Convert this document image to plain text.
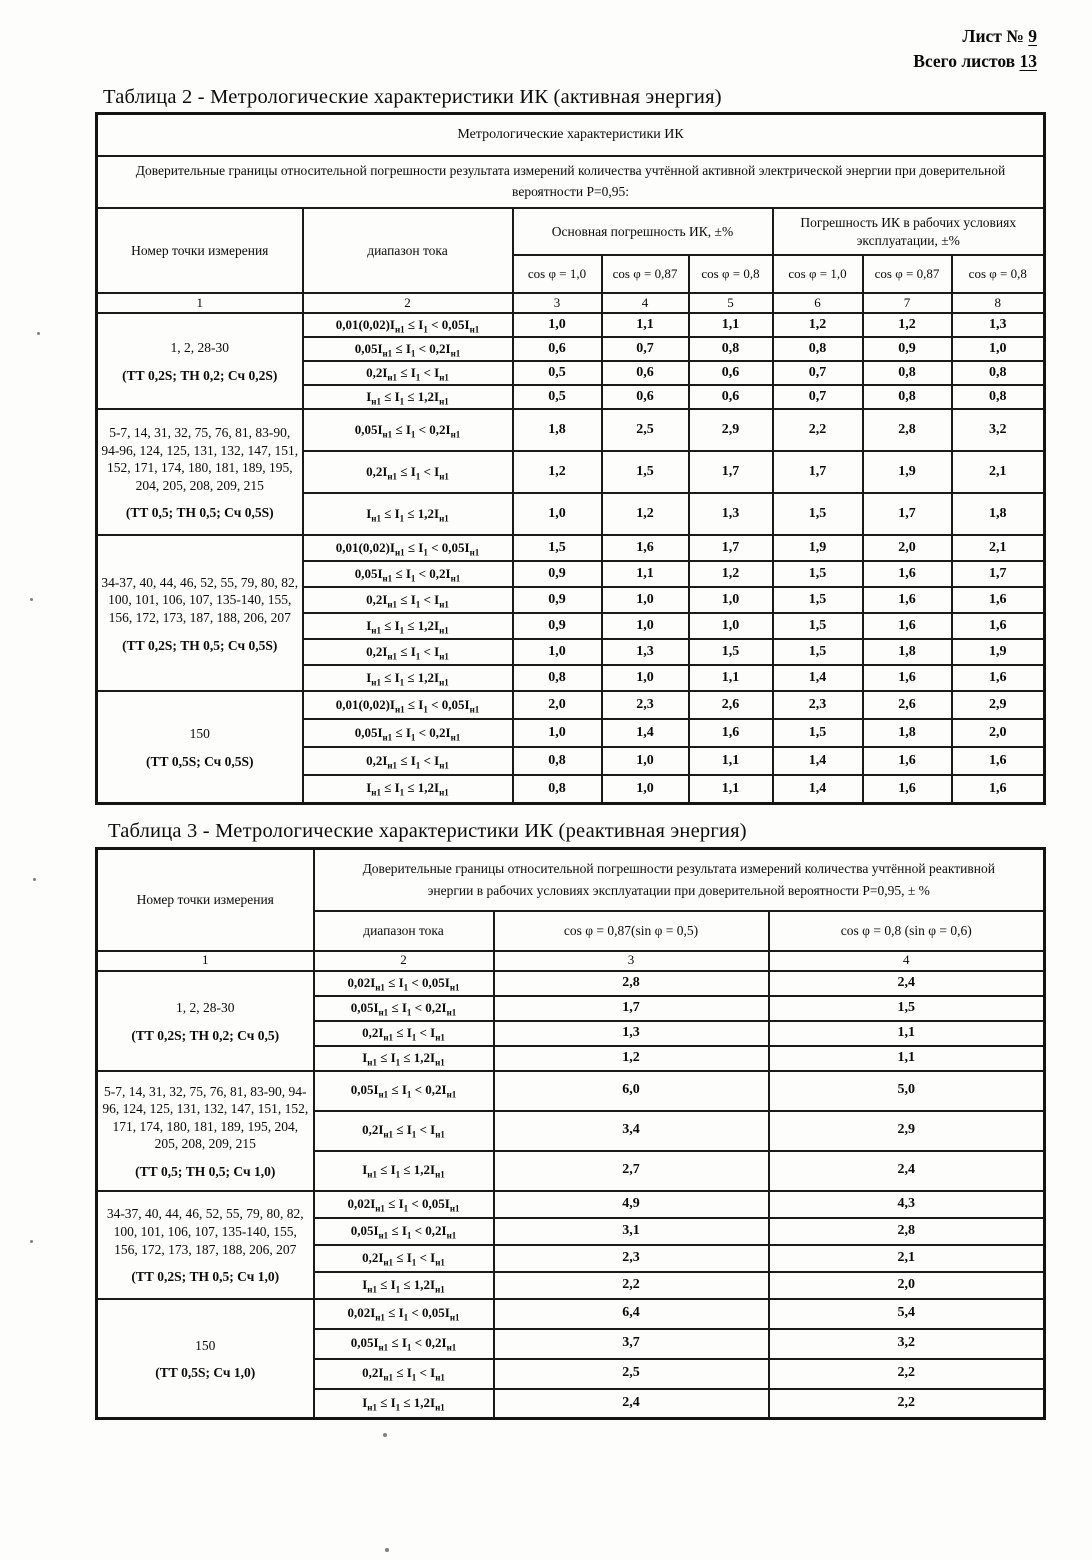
Лист № 9
Всего листов 13
Таблица 2 - Метрологические характеристики ИК (активная энергия)
Метрологические характеристики ИК							
Доверительные границы относительной погрешности результата измерений количества учтённой активной электрической энергии при доверительной вероятности Р=0,95:							
Номер точки измерения	диапазон тока	Основная погрешность ИК, ±%			Погрешность ИК в рабочих условиях эксплуатации, ±%		
		cos φ = 1,0	cos φ = 0,87	cos φ = 0,8	cos φ = 1,0	cos φ = 0,87	cos φ = 0,8
1	2	3	4	5	6	7	8

1, 2, 28-30
(ТТ 0,2S; ТН 0,2; Сч 0,2S)	$0,01(0,02)I_{н1} \le I_1 < 0,05I_{н1}$	1,0	1,1	1,1	1,2	1,2	1,3
	$0,05I_{н1} \le I_1 < 0,2I_{н1}$	0,6	0,7	0,8	0,8	0,9	1,0
	$0,2I_{н1} \le I_1 < I_{н1}$	0,5	0,6	0,6	0,7	0,8	0,8
	$I_{н1} \le I_1 \le 1,2I_{н1}$	0,5	0,6	0,6	0,7	0,8	0,8

5-7, 14, 31, 32, 75, 76, 81, 83-90, 94-96, 124, 125, 131, 132, 147, 151, 152, 171, 174, 180, 181, 189, 195, 204, 205, 208, 209, 215
(ТТ 0,5; ТН 0,5; Сч 0,5S)	$0,05I_{н1} \le I_1 < 0,2I_{н1}$	1,8	2,5	2,9	2,2	2,8	3,2
	$0,2I_{н1} \le I_1 < I_{н1}$	1,2	1,5	1,7	1,7	1,9	2,1
	$I_{н1} \le I_1 \le 1,2I_{н1}$	1,0	1,2	1,3	1,5	1,7	1,8

34-37, 40, 44, 46, 52, 55, 79, 80, 82, 100, 101, 106, 107, 135-140, 155, 156, 172, 173, 187, 188, 206, 207
(ТТ 0,2S; ТН 0,5; Сч 0,5S)	$0,01(0,02)I_{н1} \le I_1 < 0,05I_{н1}$	1,5	1,6	1,7	1,9	2,0	2,1
	$0,05I_{н1} \le I_1 < 0,2I_{н1}$	0,9	1,1	1,2	1,5	1,6	1,7
	$0,2I_{н1} \le I_1 < I_{н1}$	0,9	1,0	1,0	1,5	1,6	1,6
	$I_{н1} \le I_1 \le 1,2I_{н1}$	0,9	1,0	1,0	1,5	1,6	1,6
	$0,2I_{н1} \le I_1 < I_{н1}$	1,0	1,3	1,5	1,5	1,8	1,9
	$I_{н1} \le I_1 \le 1,2I_{н1}$	0,8	1,0	1,1	1,4	1,6	1,6

150
(ТТ 0,5S; Сч 0,5S)	$0,01(0,02)I_{н1} \le I_1 < 0,05I_{н1}$	2,0	2,3	2,6	2,3	2,6	2,9
	$0,05I_{н1} \le I_1 < 0,2I_{н1}$	1,0	1,4	1,6	1,5	1,8	2,0
	$0,2I_{н1} \le I_1 < I_{н1}$	0,8	1,0	1,1	1,4	1,6	1,6
	$I_{н1} \le I_1 \le 1,2I_{н1}$	0,8	1,0	1,1	1,4	1,6	1,6
Таблица 3 - Метрологические характеристики ИК (реактивная энергия)
Номер точки измерения	Доверительные границы относительной погрешности результата измерений количества учтённой реактивной энергии в рабочих условиях эксплуатации при доверительной вероятности Р=0,95, ± %		
	диапазон тока	cos φ = 0,87(sin φ = 0,5)	cos φ = 0,8 (sin φ = 0,6)
1	2	3	4

1, 2, 28-30
(ТТ 0,2S; ТН 0,2; Сч 0,5)	$0,02I_{н1} \le I_1 < 0,05I_{н1}$	2,8	2,4
	$0,05I_{н1} \le I_1 < 0,2I_{н1}$	1,7	1,5
	$0,2I_{н1} \le I_1 < I_{н1}$	1,3	1,1
	$I_{н1} \le I_1 \le 1,2I_{н1}$	1,2	1,1

5-7, 14, 31, 32, 75, 76, 81, 83-90, 94-96, 124, 125, 131, 132, 147, 151, 152, 171, 174, 180, 181, 189, 195, 204, 205, 208, 209, 215
(ТТ 0,5; ТН 0,5; Сч 1,0)	$0,05I_{н1} \le I_1 < 0,2I_{н1}$	6,0	5,0
	$0,2I_{н1} \le I_1 < I_{н1}$	3,4	2,9
	$I_{н1} \le I_1 \le 1,2I_{н1}$	2,7	2,4

34-37, 40, 44, 46, 52, 55, 79, 80, 82, 100, 101, 106, 107, 135-140, 155, 156, 172, 173, 187, 188, 206, 207
(ТТ 0,2S; ТН 0,5; Сч 1,0)	$0,02I_{н1} \le I_1 < 0,05I_{н1}$	4,9	4,3
	$0,05I_{н1} \le I_1 < 0,2I_{н1}$	3,1	2,8
	$0,2I_{н1} \le I_1 < I_{н1}$	2,3	2,1
	$I_{н1} \le I_1 \le 1,2I_{н1}$	2,2	2,0

150
(ТТ 0,5S; Сч 1,0)	$0,02I_{н1} \le I_1 < 0,05I_{н1}$	6,4	5,4
	$0,05I_{н1} \le I_1 < 0,2I_{н1}$	3,7	3,2
	$0,2I_{н1} \le I_1 < I_{н1}$	2,5	2,2
	$I_{н1} \le I_1 \le 1,2I_{н1}$	2,4	2,2
